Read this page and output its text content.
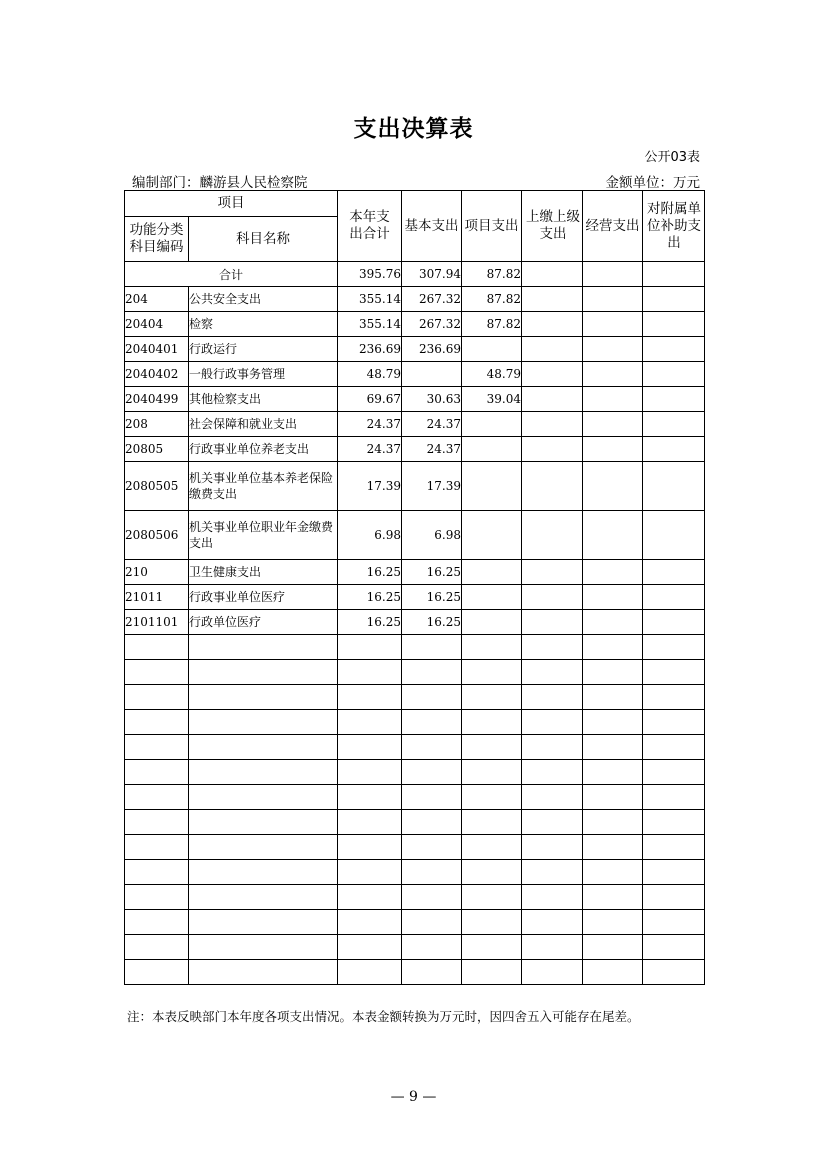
支出决算表
公开03表
编制部门：麟游县人民检察院	金额单位：万元
项目		本年支出合计	基本支出	项目支出	上缴上级支出	经营支出	对附属单位补助支出

功能分类科目编码	科目名称						
合计		395.76	307.94	87.82			
204	公共安全支出	355.14	267.32	87.82			
20404	检察	355.14	267.32	87.82			
2040401	行政运行	236.69	236.69				
2040402	一般行政事务管理	48.79		48.79			
2040499	其他检察支出	69.67	30.63	39.04			
208	社会保障和就业支出	24.37	24.37				
20805	行政事业单位养老支出	24.37	24.37				
2080505	机关事业单位基本养老保险缴费支出	17.39	17.39				
2080506	机关事业单位职业年金缴费支出	6.98	6.98				
210	卫生健康支出	16.25	16.25				
21011	行政事业单位医疗	16.25	16.25				
2101101	行政单位医疗	16.25	16.25				

注：本表反映部门本年度各项支出情况。本表金额转换为万元时，因四舍五入可能存在尾差。
— 9 —
